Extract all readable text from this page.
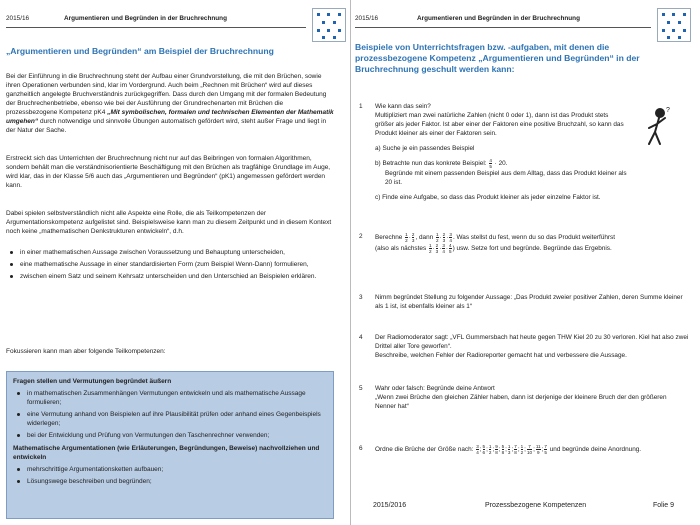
2015/16	Argumentieren und Begründen in der Bruchrechnung
„Argumentieren und Begründen“ am Beispiel der Bruchrechnung
Bei der Einführung in die Bruchrechnung steht der Aufbau einer Grundvorstellung, die mit den Brüchen, sowie ihren Operationen verbunden sind, klar im Vordergrund. Auch beim „Rechnen mit Brüchen“ wird auf dieses ganzheitlich angelegte Bruchverständnis zurückgegriffen. Dass durch den Umgang mit der formalen Bedeutung der Bruchrechenbetriebe, ebenso wie bei der Ausführung der Grundrechenarten mit Brüchen die prozessbezogene Kompetenz pK4 „Mit symbolischen, formalen und technischen Elementen der Mathematik umgehen“ durch notwendige und sinnvolle Übungen automatisch gefördert wird, steht außer Frage und liegt in der Natur der Sache.
Erstreckt sich das Unterrichten der Bruchrechnung nicht nur auf das Beibringen von formalen Algorithmen, sondern behält man die verständnisorientierte Beschäftigung mit den Brüchen als tragfähige Grundlage im Auge, wird klar, das in der Klasse 5/6 auch das „Argumentieren und Begründen“ (pK1) angemessen gefördert werden kann.
Dabei spielen selbstverständlich nicht alle Aspekte eine Rolle, die als Teilkompetenzen der Argumentationskompetenz aufgelistet sind. Beispielsweise kann man zu diesem Zeitpunkt und in diesem Kontext noch keine „mathematischen Denkstrukturen entwickeln“, d.h.
in einer mathematischen Aussage zwischen Voraussetzung und Behauptung unterscheiden,
eine mathematische Aussage in einer standardisierten Form (zum Beispiel Wenn-Dann) formulieren,
zwischen einem Satz und seinem Kehrsatz unterscheiden und den Unterschied an Beispielen erklären.
Fokussieren kann man aber folgende Teilkompetenzen:
Fragen stellen und Vermutungen begründet äußern
in mathematischen Zusammenhängen Vermutungen entwickeln und als mathematische Aussage formulieren;
eine Vermutung anhand von Beispielen auf ihre Plausibilität prüfen oder anhand eines Gegenbeispiels widerlegen;
bei der Entwicklung und Prüfung von Vermutungen den Taschenrechner verwenden;
Mathematische Argumentationen (wie Erläuterungen, Begründungen, Beweise) nachvollziehen und entwickeln
mehrschrittige Argumentationsketten aufbauen;
Lösungswege beschreiben und begründen;
2015/16	Argumentieren und Begründen in der Bruchrechnung
Beispiele von Unterrichtsfragen bzw. -aufgaben, mit denen die prozessbezogene Kompetenz „Argumentieren und Begründen“ in der Bruchrechnung geschult werden kann:
1	Wie kann das sein?
Multipliziert man zwei natürliche Zahlen (nicht 0 oder 1), dann ist das Produkt stets größer als jeder Faktor. Ist aber einer der Faktoren eine positive Bruchzahl, so kann das Produkt kleiner als einer der Faktoren sein.
a) Suche je ein passendes Beispiel
b) Betrachte nun das konkrete Beispiel: $\frac{4}{5} \cdot 20$.
Begründe mit einem passenden Beispiel aus dem Alltag, dass das Produkt kleiner als 20 ist.
c) Finde eine Aufgabe, so dass das Produkt kleiner als jeder einzelne Faktor ist.
?
2	Berechne $\frac{1}{2} \cdot \frac{2}{3}$ , dann $\frac{1}{2} \cdot \frac{2}{3} \cdot \frac{3}{4}$ . Was stellst du fest, wenn du so das Produkt weiterführst
(also als nächstes $\frac{1}{2} \cdot \frac{2}{3} \cdot \frac{3}{4} \cdot \frac{4}{5}$ ) usw. Setze fort und begründe. Begründe das Ergebnis.
3	Nimm begründet Stellung zu folgender Aussage: „Das Produkt zweier positiver Zahlen, deren Summe kleiner als 1 ist, ist ebenfalls kleiner als 1“
4	Der Radiomoderator sagt: „VFL Gummersbach hat heute gegen THW Kiel 20 zu 30 verloren. Kiel hat also zwei Drittel aller Tore geworfen“.
Beschreibe, welchen Fehler der Radioreporter gemacht hat und verbessere die Aussage.
5	Wahr oder falsch: Begründe deine Antwort
„Wenn zwei Brüche den gleichen Zähler haben, dann ist derjenige der kleinere Bruch der den größeren Nenner hat“
6	Ordne die Brüche der Größe nach: $\frac{3}{4}$ ; $\frac{5}{6}$ ; $\frac{1}{2}$ ; $\frac{9}{8}$ ; $\frac{5}{8}$ ; $\frac{1}{3}$ ; $\frac{7}{8}$ ; $\frac{1}{2}$ ; $\frac{7}{10}$ ; $\frac{11}{9}$ ; $\frac{7}{5}$ und begründe deine Anordnung.
2015/2016	Prozessbezogene Kompetenzen	Folie 9
